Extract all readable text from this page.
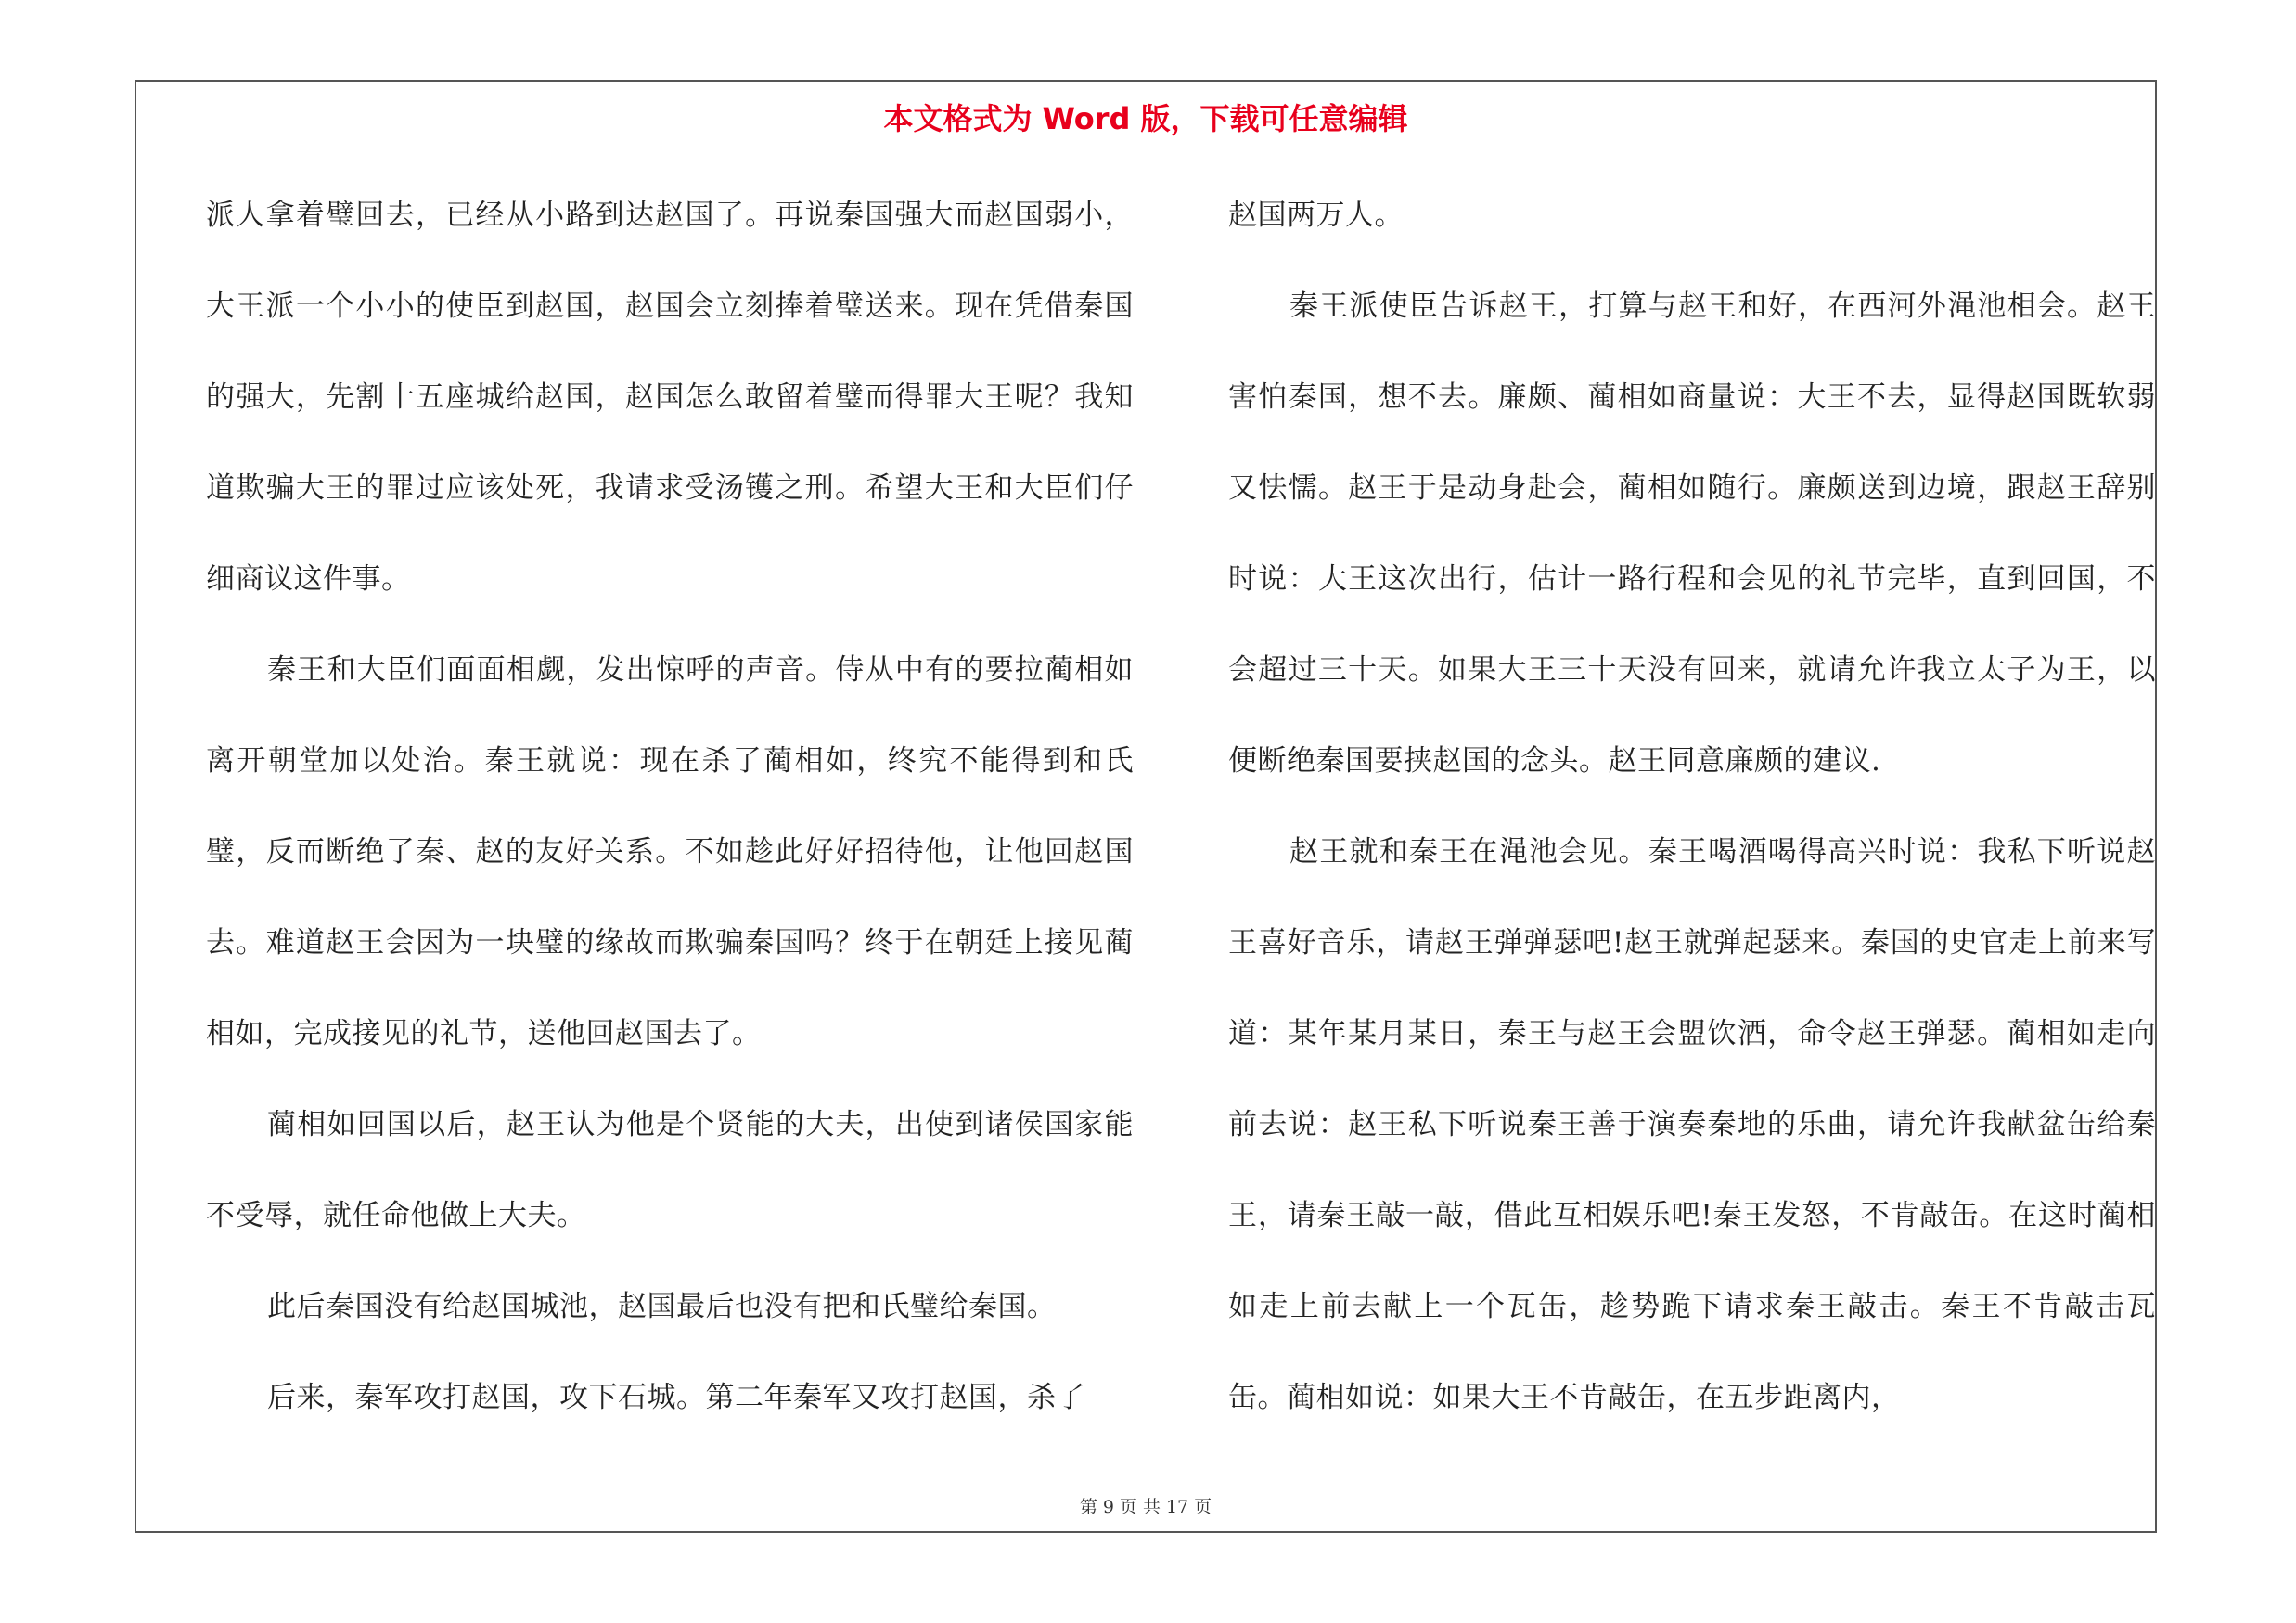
本文格式为 Word 版，下载可任意编辑

派人拿着璧回去，已经从小路到达赵国了。再说秦国强大而赵国弱小，大王派一个小小的使臣到赵国，赵国会立刻捧着璧送来。现在凭借秦国的强大，先割十五座城给赵国，赵国怎么敢留着璧而得罪大王呢？我知道欺骗大王的罪过应该处死，我请求受汤镬之刑。希望大王和大臣们仔细商议这件事。

秦王和大臣们面面相觑，发出惊呼的声音。侍从中有的要拉蔺相如离开朝堂加以处治。秦王就说：现在杀了蔺相如，终究不能得到和氏璧，反而断绝了秦、赵的友好关系。不如趁此好好招待他，让他回赵国去。难道赵王会因为一块璧的缘故而欺骗秦国吗？终于在朝廷上接见蔺相如，完成接见的礼节，送他回赵国去了。

蔺相如回国以后，赵王认为他是个贤能的大夫，出使到诸侯国家能不受辱，就任命他做上大夫。

此后秦国没有给赵国城池，赵国最后也没有把和氏璧给秦国。

后来，秦军攻打赵国，攻下石城。第二年秦军又攻打赵国，杀了

赵国两万人。

秦王派使臣告诉赵王，打算与赵王和好，在西河外渑池相会。赵王害怕秦国，想不去。廉颇、蔺相如商量说：大王不去，显得赵国既软弱又怯懦。赵王于是动身赴会，蔺相如随行。廉颇送到边境，跟赵王辞别时说：大王这次出行，估计一路行程和会见的礼节完毕，直到回国，不会超过三十天。如果大王三十天没有回来，就请允许我立太子为王，以便断绝秦国要挟赵国的念头。赵王同意廉颇的建议.

赵王就和秦王在渑池会见。秦王喝酒喝得高兴时说：我私下听说赵王喜好音乐，请赵王弹弹瑟吧!赵王就弹起瑟来。秦国的史官走上前来写道：某年某月某日，秦王与赵王会盟饮酒，命令赵王弹瑟。蔺相如走向前去说：赵王私下听说秦王善于演奏秦地的乐曲，请允许我献盆缶给秦王，请秦王敲一敲，借此互相娱乐吧!秦王发怒，不肯敲缶。在这时蔺相如走上前去献上一个瓦缶，趁势跪下请求秦王敲击。秦王不肯敲击瓦缶。蔺相如说：如果大王不肯敲缶，在五步距离内，

第 9 页 共 17 页
